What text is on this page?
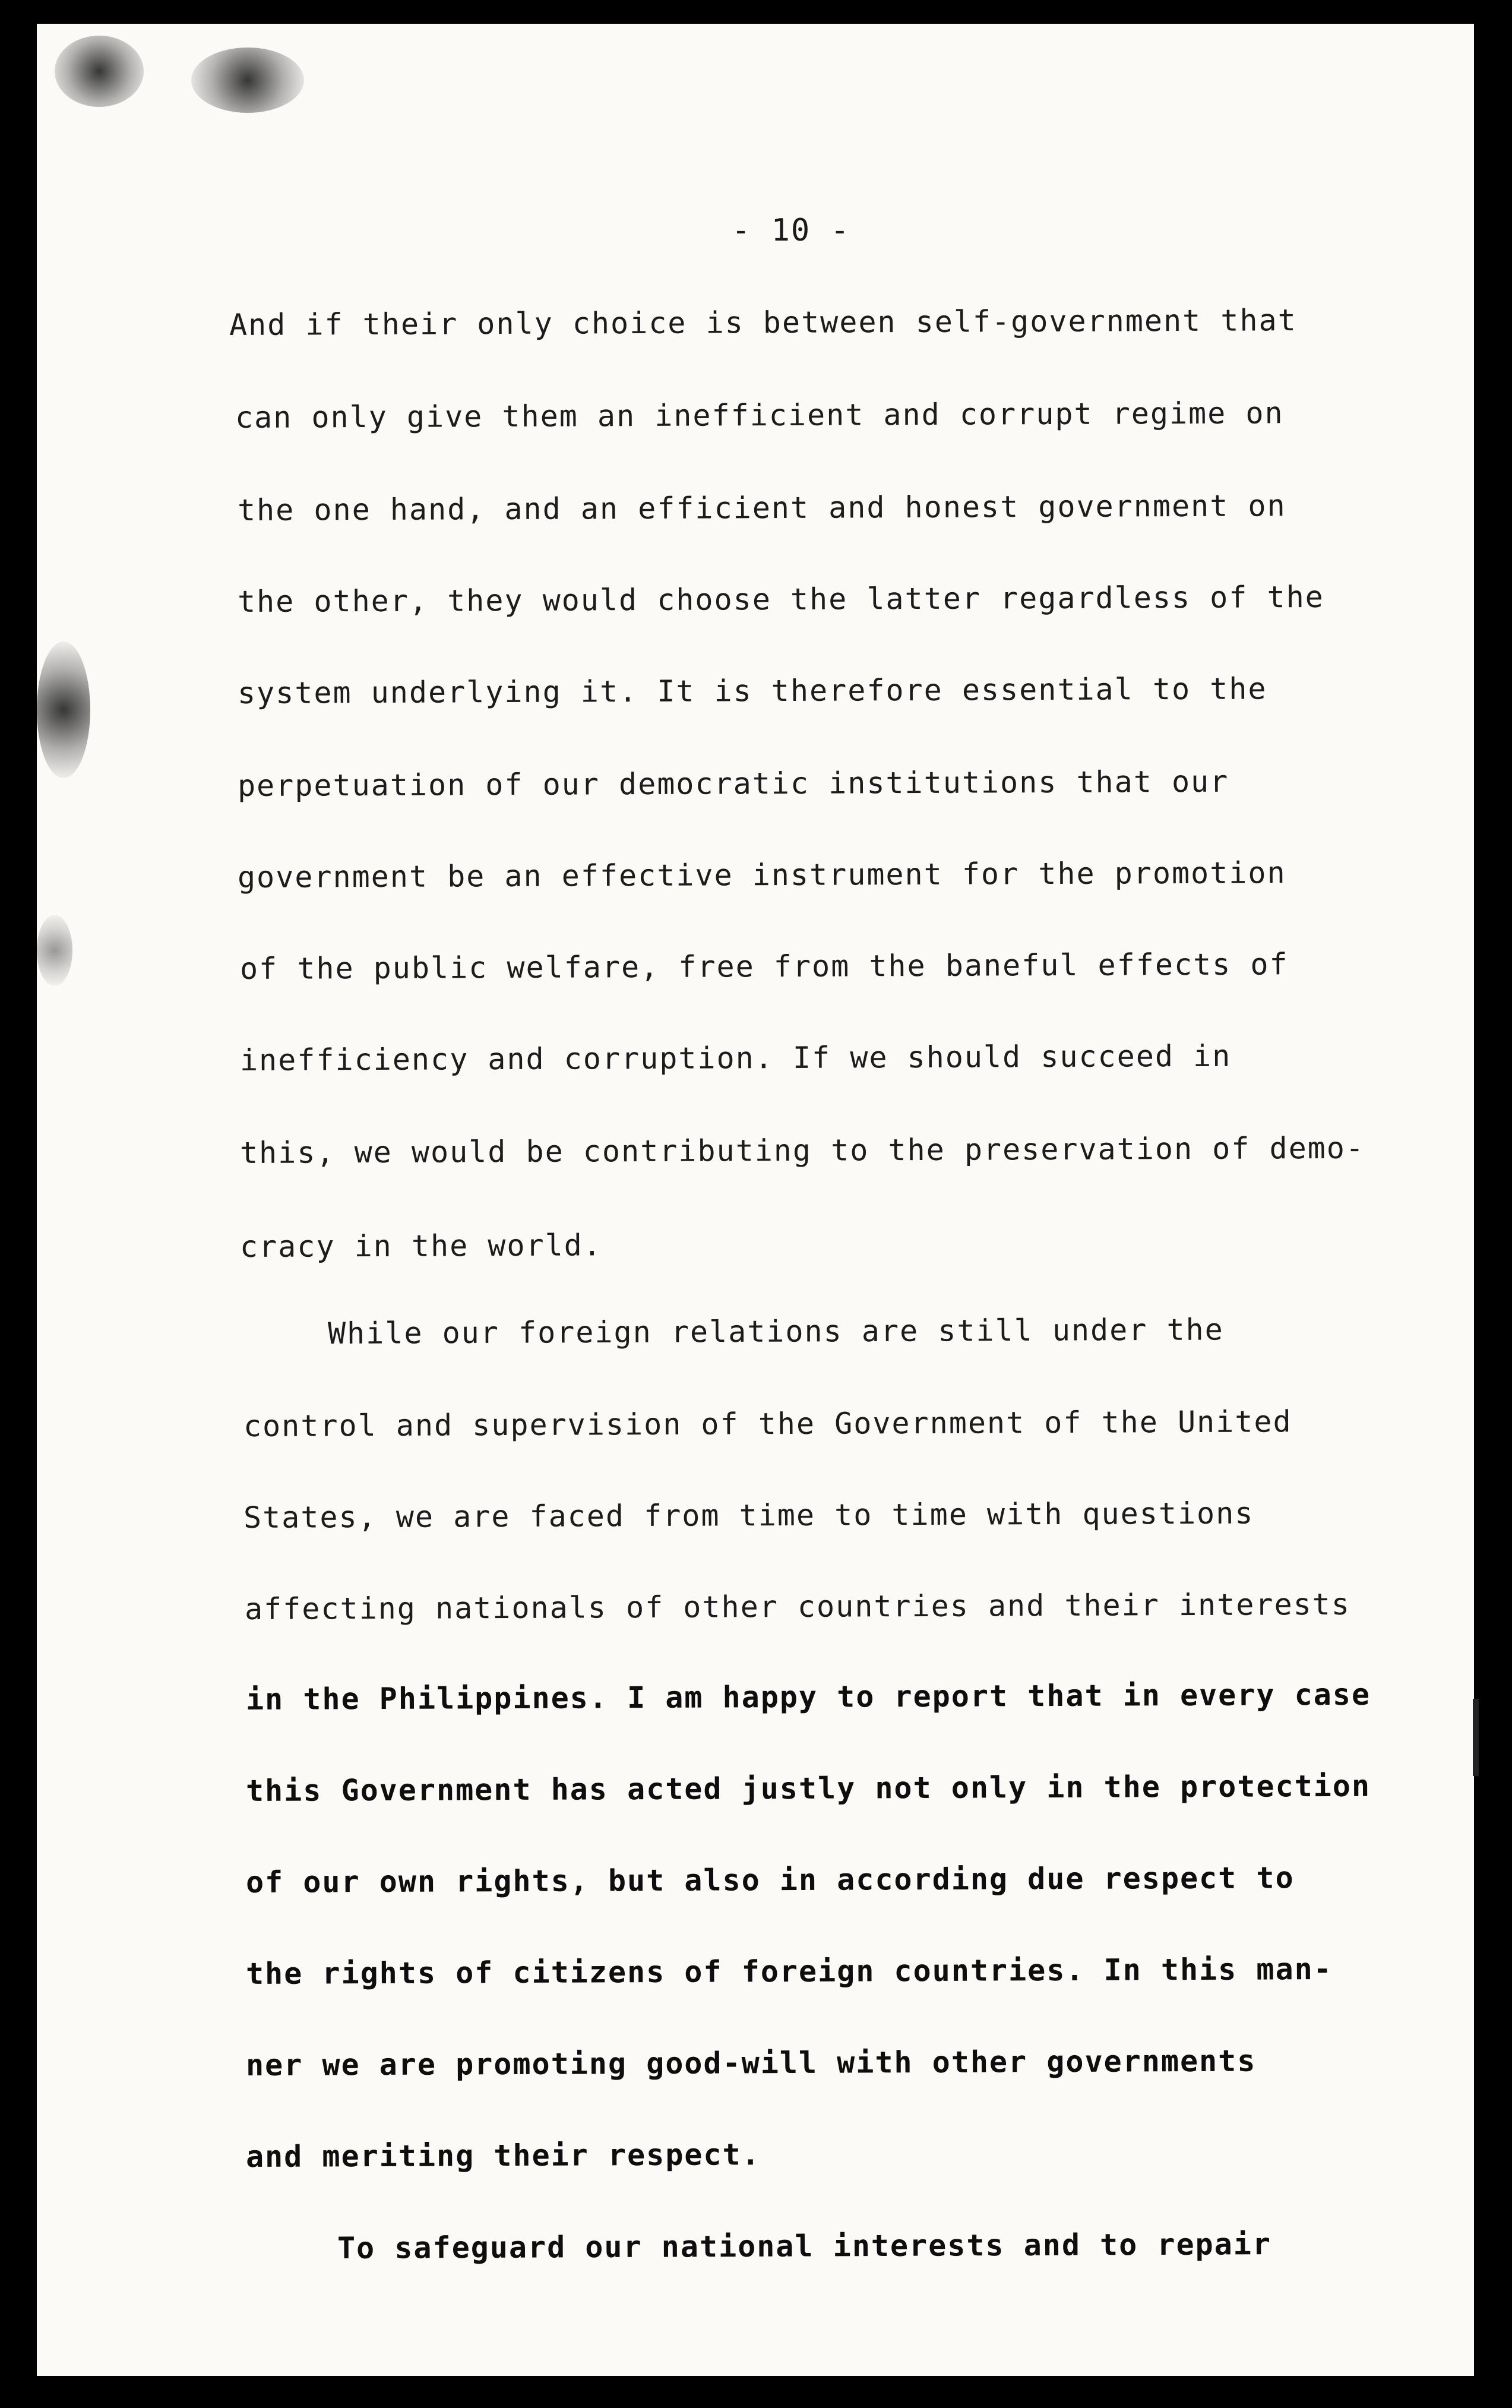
- 10 -
And if their only choice is between self-government that
can only give them an inefficient and corrupt regime on
the one hand, and an efficient and honest government on
the other, they would choose the latter regardless of the
system underlying it. It is therefore essential to the
perpetuation of our democratic institutions that our
government be an effective instrument for the promotion
of the public welfare, free from the baneful effects of
inefficiency and corruption. If we should succeed in
this, we would be contributing to the preservation of demo-
cracy in the world.
While our foreign relations are still under the
control and supervision of the Government of the United
States, we are faced from time to time with questions
affecting nationals of other countries and their interests
in the Philippines. I am happy to report that in every case
this Government has acted justly not only in the protection
of our own rights, but also in according due respect to
the rights of citizens of foreign countries. In this man-
ner we are promoting good-will with other governments
and meriting their respect.
To safeguard our national interests and to repair
